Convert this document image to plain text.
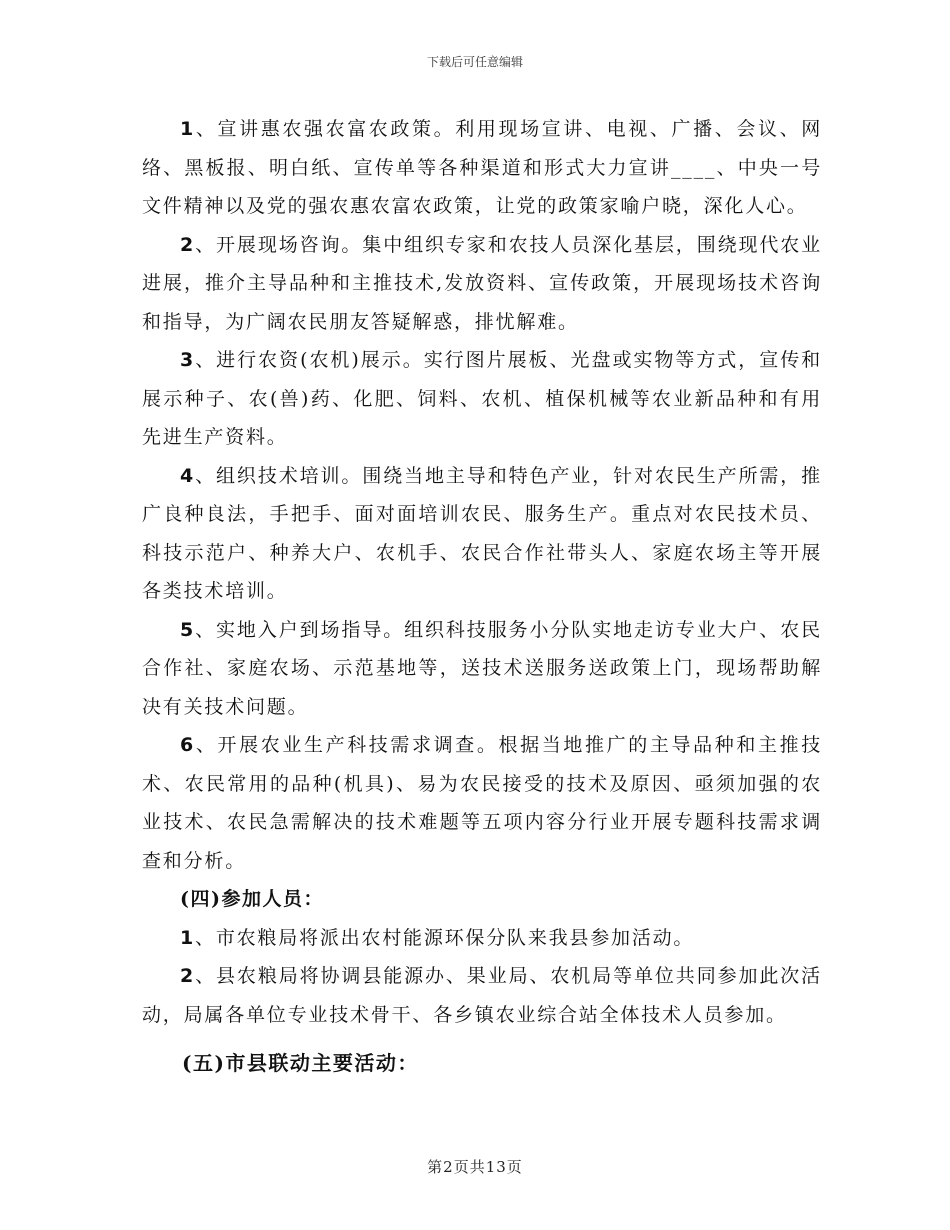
下载后可任意编辑

1、宣讲惠农强农富农政策。利用现场宣讲、电视、广播、会议、网络、黑板报、明白纸、宣传单等各种渠道和形式大力宣讲____、中央一号文件精神以及党的强农惠农富农政策，让党的政策家喻户晓，深化人心。

2、开展现场咨询。集中组织专家和农技人员深化基层，围绕现代农业进展，推介主导品种和主推技术,发放资料、宣传政策，开展现场技术咨询和指导，为广阔农民朋友答疑解惑，排忧解难。

3、进行农资(农机)展示。实行图片展板、光盘或实物等方式，宣传和展示种子、农(兽)药、化肥、饲料、农机、植保机械等农业新品种和有用先进生产资料。

4、组织技术培训。围绕当地主导和特色产业，针对农民生产所需，推广良种良法，手把手、面对面培训农民、服务生产。重点对农民技术员、科技示范户、种养大户、农机手、农民合作社带头人、家庭农场主等开展各类技术培训。

5、实地入户到场指导。组织科技服务小分队实地走访专业大户、农民合作社、家庭农场、示范基地等，送技术送服务送政策上门，现场帮助解决有关技术问题。

6、开展农业生产科技需求调查。根据当地推广的主导品种和主推技术、农民常用的品种(机具)、易为农民接受的技术及原因、亟须加强的农业技术、农民急需解决的技术难题等五项内容分行业开展专题科技需求调查和分析。

(四)参加人员：

1、市农粮局将派出农村能源环保分队来我县参加活动。

2、县农粮局将协调县能源办、果业局、农机局等单位共同参加此次活动，局属各单位专业技术骨干、各乡镇农业综合站全体技术人员参加。

(五)市县联动主要活动：

第2页共13页
